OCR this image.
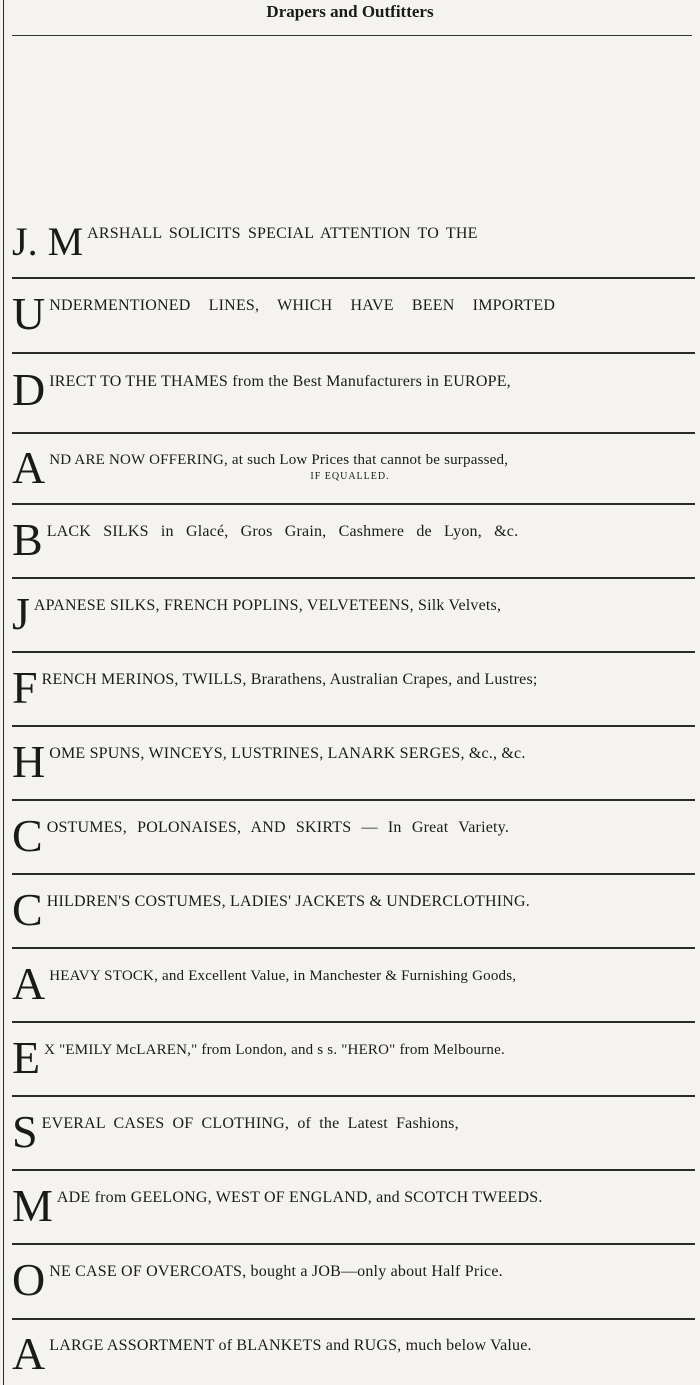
Drapers and Outfitters
J. M ARSHALL SOLICITS SPECIAL ATTENTION TO THE
U NDERMENTIONED LINES, WHICH HAVE BEEN IMPORTED
D IRECT TO THE THAMES from the Best Manufacturers in EUROPE,
A ND ARE NOW OFFERING, at such Low Prices that cannot be surpassed,
IF EQUALLED.
B LACK SILKS in Glacé, Gros Grain, Cashmere de Lyon, &c.
J APANESE SILKS, FRENCH POPLINS, VELVETEENS, Silk Velvets,
F RENCH MERINOS, TWILLS, Brarathens, Australian Crapes, and Lustres;
H OME SPUNS, WINCEYS, LUSTRINES, LANARK SERGES, &c., &c.
C OSTUMES, POLONAISES, AND SKIRTS — In Great Variety.
C HILDREN'S COSTUMES, LADIES' JACKETS & UNDERCLOTHING.
A HEAVY STOCK, and Excellent Value, in Manchester & Furnishing Goods,
E X "EMILY McLAREN," from London, and s s. "HERO" from Melbourne.
S EVERAL CASES OF CLOTHING, of the Latest Fashions,
M ADE from GEELONG, WEST OF ENGLAND, and SCOTCH TWEEDS.
O NE CASE OF OVERCOATS, bought a JOB—only about Half Price.
A LARGE ASSORTMENT of BLANKETS and RUGS, much below Value.
